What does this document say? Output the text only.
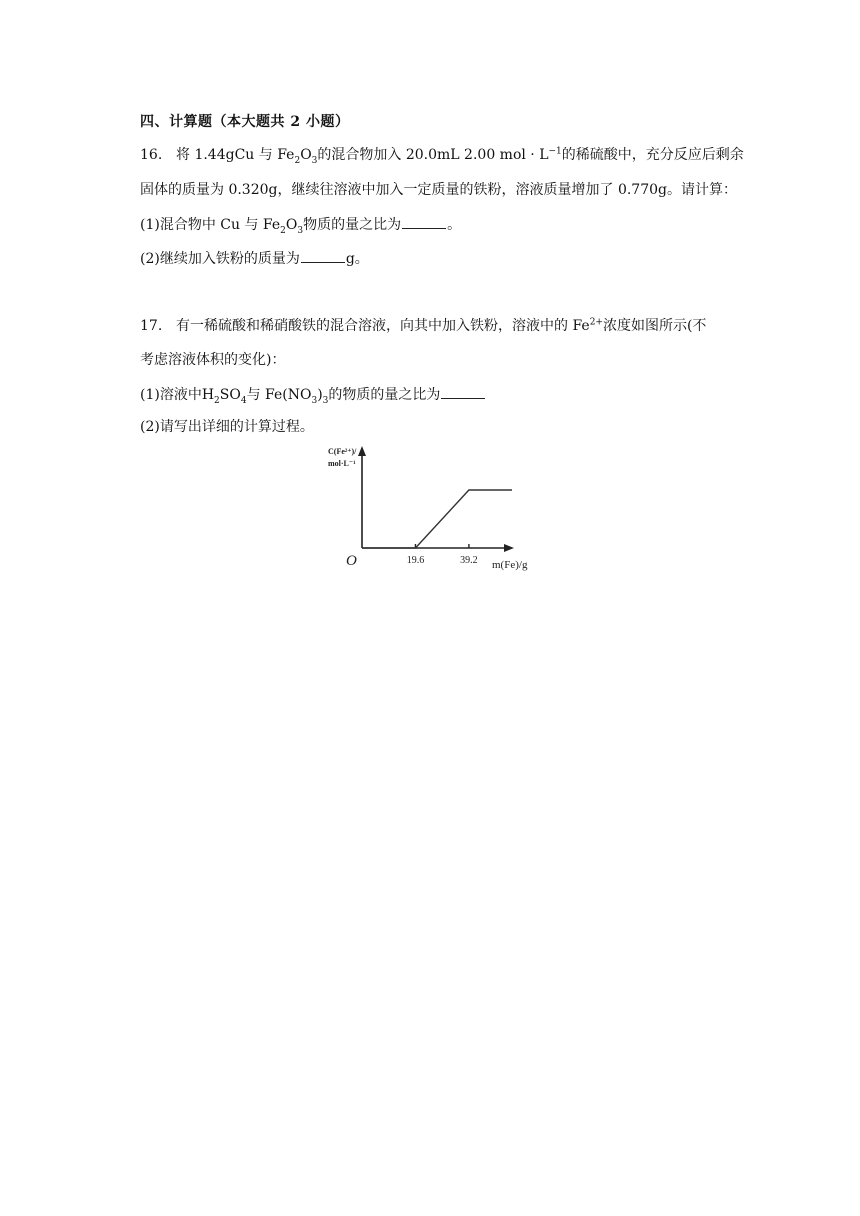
四、计算题（本大题共 2 小题）
16. 将 1.44gCu 与 $Fe_2O_3$的混合物加入 20.0mL 2.00 mol · $L^{-1}$的稀硫酸中，充分反应后剩余
固体的质量为 0.320g，继续往溶液中加入一定质量的铁粉，溶液质量增加了 0.770g。请计算：
(1)混合物中 Cu 与 $Fe_2O_3$物质的量之比为	。
(2)继续加入铁粉的质量为	g。
17. 有一稀硫酸和稀硝酸铁的混合溶液，向其中加入铁粉，溶液中的 $Fe^{2+}$浓度如图所示(不
考虑溶液体积的变化)：
(1)溶液中$H_2SO_4$与 $Fe(NO_3)_3$的物质的量之比为
(2)请写出详细的计算过程。
C(Fe²⁺)/
mol·L⁻¹
O	m(Fe)/g
19.6	39.2
